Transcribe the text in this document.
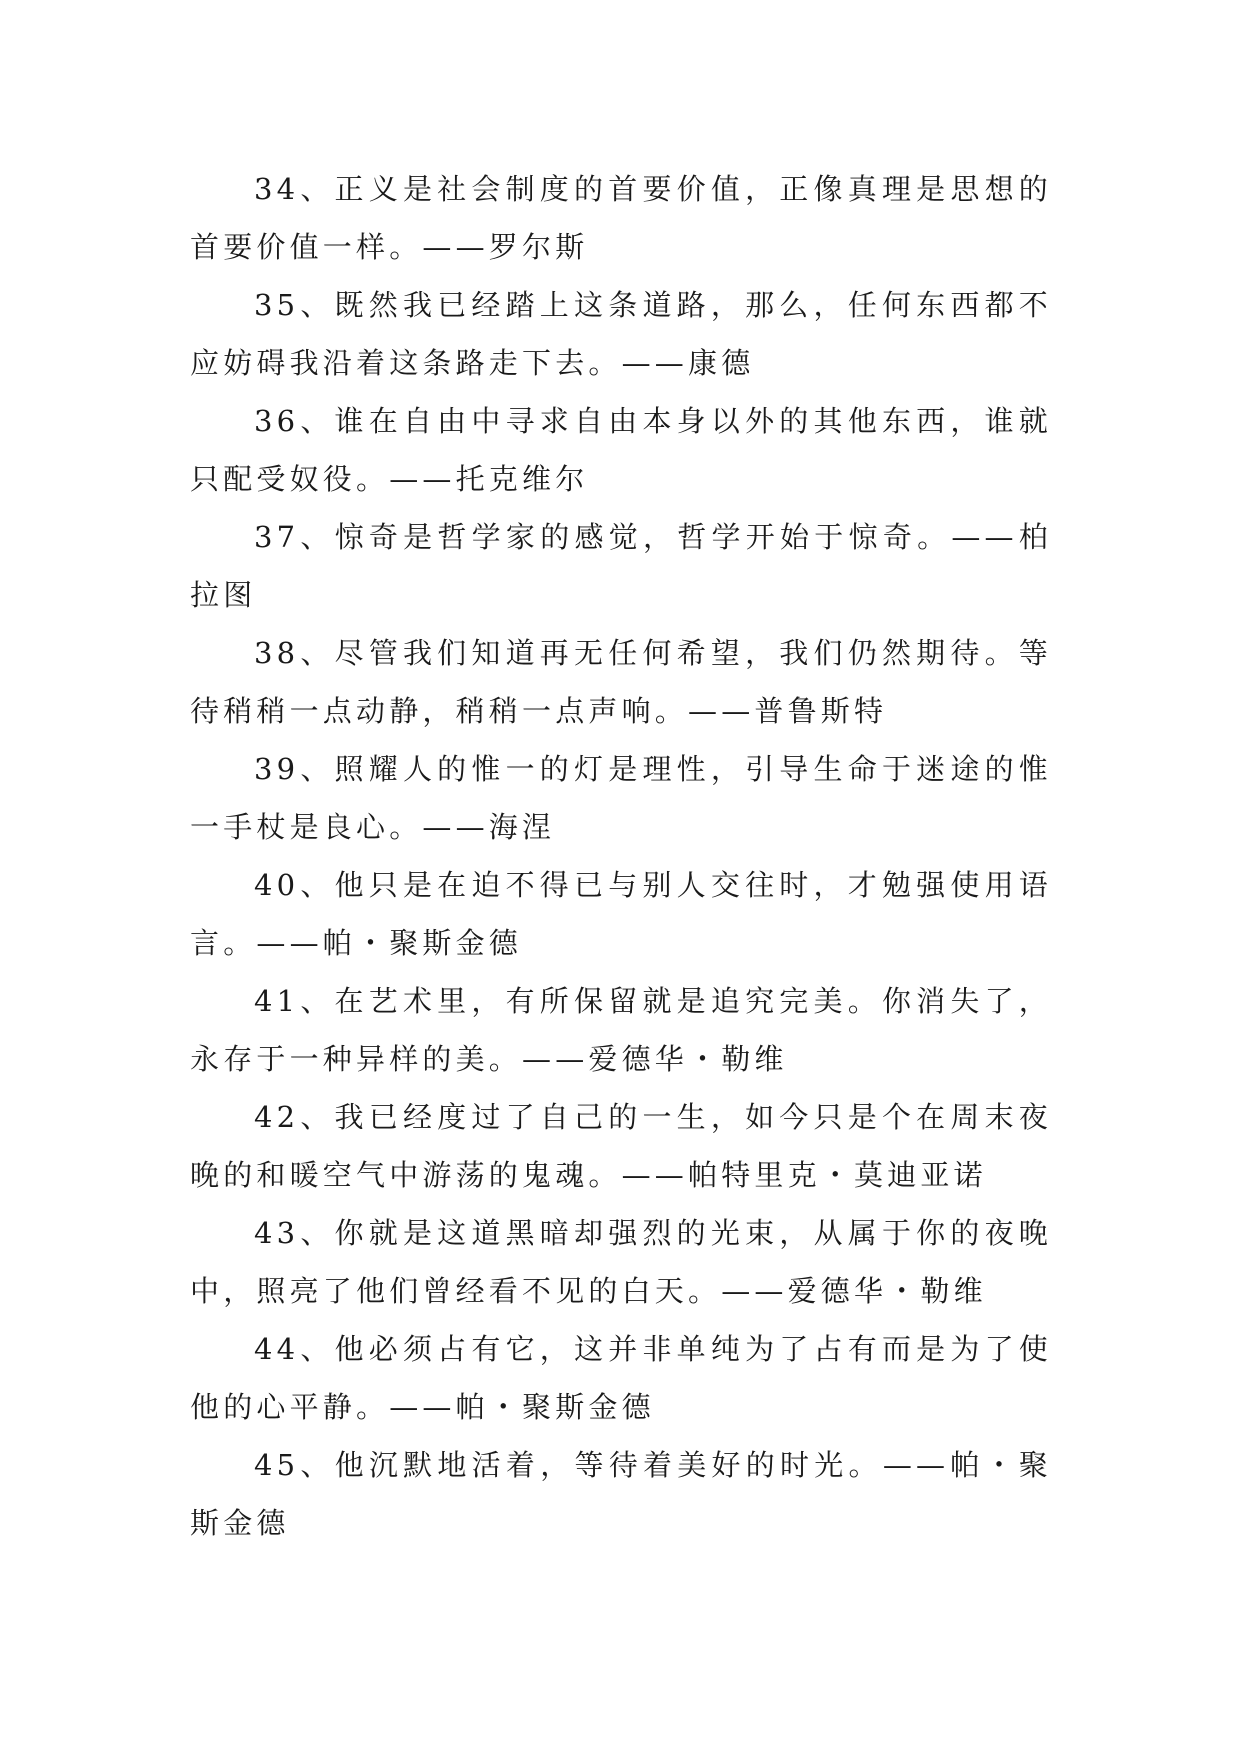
34、正义是社会制度的首要价值，正像真理是思想的首要价值一样。——罗尔斯

35、既然我已经踏上这条道路，那么，任何东西都不应妨碍我沿着这条路走下去。——康德

36、谁在自由中寻求自由本身以外的其他东西，谁就只配受奴役。——托克维尔

37、惊奇是哲学家的感觉，哲学开始于惊奇。——柏拉图

38、尽管我们知道再无任何希望，我们仍然期待。等待稍稍一点动静，稍稍一点声响。——普鲁斯特

39、照耀人的惟一的灯是理性，引导生命于迷途的惟一手杖是良心。——海涅

40、他只是在迫不得已与别人交往时，才勉强使用语言。——帕・聚斯金德

41、在艺术里，有所保留就是追究完美。你消失了，永存于一种异样的美。——爱德华・勒维

42、我已经度过了自己的一生，如今只是个在周末夜晚的和暖空气中游荡的鬼魂。——帕特里克・莫迪亚诺

43、你就是这道黑暗却强烈的光束，从属于你的夜晚中，照亮了他们曾经看不见的白天。——爱德华・勒维

44、他必须占有它，这并非单纯为了占有而是为了使他的心平静。——帕・聚斯金德

45、他沉默地活着，等待着美好的时光。——帕・聚斯金德
